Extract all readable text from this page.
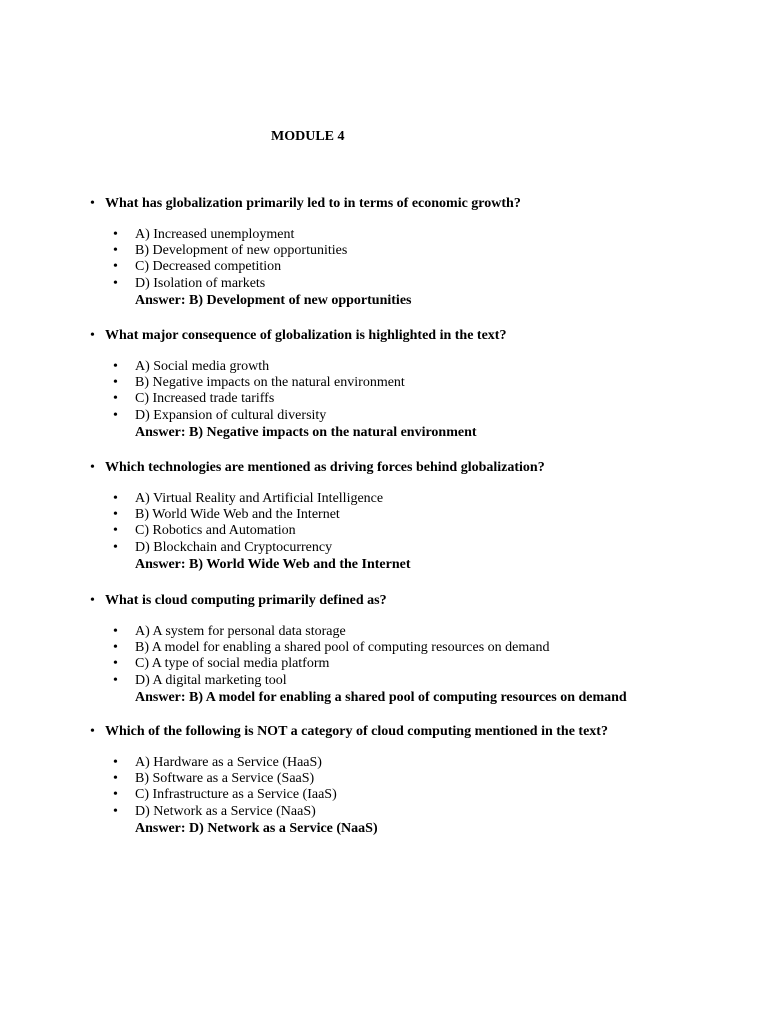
MODULE 4
• What has globalization primarily led to in terms of economic growth?
• A) Increased unemployment
• B) Development of new opportunities
• C) Decreased competition
• D) Isolation of markets
Answer: B) Development of new opportunities
• What major consequence of globalization is highlighted in the text?
• A) Social media growth
• B) Negative impacts on the natural environment
• C) Increased trade tariffs
• D) Expansion of cultural diversity
Answer: B) Negative impacts on the natural environment
• Which technologies are mentioned as driving forces behind globalization?
• A) Virtual Reality and Artificial Intelligence
• B) World Wide Web and the Internet
• C) Robotics and Automation
• D) Blockchain and Cryptocurrency
Answer: B) World Wide Web and the Internet
• What is cloud computing primarily defined as?
• A) A system for personal data storage
• B) A model for enabling a shared pool of computing resources on demand
• C) A type of social media platform
• D) A digital marketing tool
Answer: B) A model for enabling a shared pool of computing resources on demand
• Which of the following is NOT a category of cloud computing mentioned in the text?
• A) Hardware as a Service (HaaS)
• B) Software as a Service (SaaS)
• C) Infrastructure as a Service (IaaS)
• D) Network as a Service (NaaS)
Answer: D) Network as a Service (NaaS)
